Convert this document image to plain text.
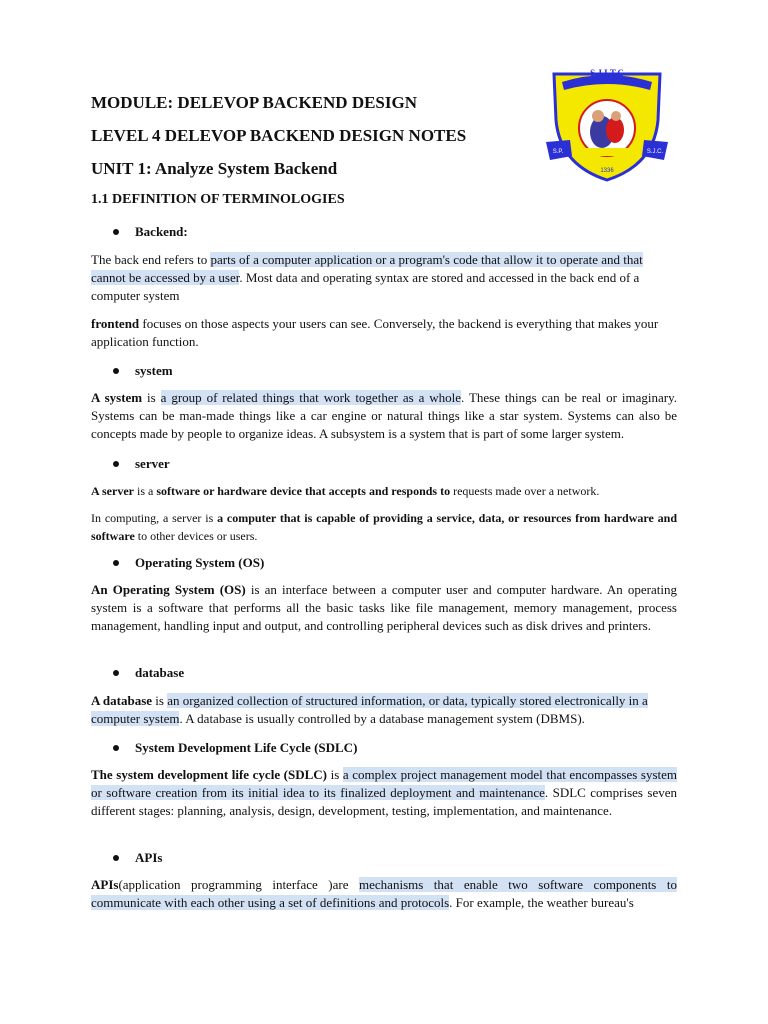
MODULE: DELEVOP BACKEND DESIGN
LEVEL 4 DELEVOP BACKEND DESIGN NOTES
UNIT 1: Analyze System Backend
1.1 DEFINITION OF TERMINOLOGIES
S.J.I.T.C
S.P.	S.J.C.
1336
Backend:

The back end refers to parts of a computer application or a program's code that allow it to operate and that cannot be accessed by a user. Most data and operating syntax are stored and accessed in the back end of a computer system

frontend focuses on those aspects your users can see. Conversely, the backend is everything that makes your application function.

system

A system is a group of related things that work together as a whole. These things can be real or imaginary. Systems can be man-made things like a car engine or natural things like a star system. Systems can also be concepts made by people to organize ideas. A subsystem is a system that is part of some larger system.

server

A server is a software or hardware device that accepts and responds to requests made over a network.

In computing, a server is a computer that is capable of providing a service, data, or resources from hardware and software to other devices or users.

Operating System (OS)

An Operating System (OS) is an interface between a computer user and computer hardware. An operating system is a software that performs all the basic tasks like file management, memory management, process management, handling input and output, and controlling peripheral devices such as disk drives and printers.

database

A database is an organized collection of structured information, or data, typically stored electronically in a computer system. A database is usually controlled by a database management system (DBMS).

System Development Life Cycle (SDLC)

The system development life cycle (SDLC) is a complex project management model that encompasses system or software creation from its initial idea to its finalized deployment and maintenance. SDLC comprises seven different stages: planning, analysis, design, development, testing, implementation, and maintenance.

APIs

APIs(application programming interface )are mechanisms that enable two software components to communicate with each other using a set of definitions and protocols. For example, the weather bureau's
